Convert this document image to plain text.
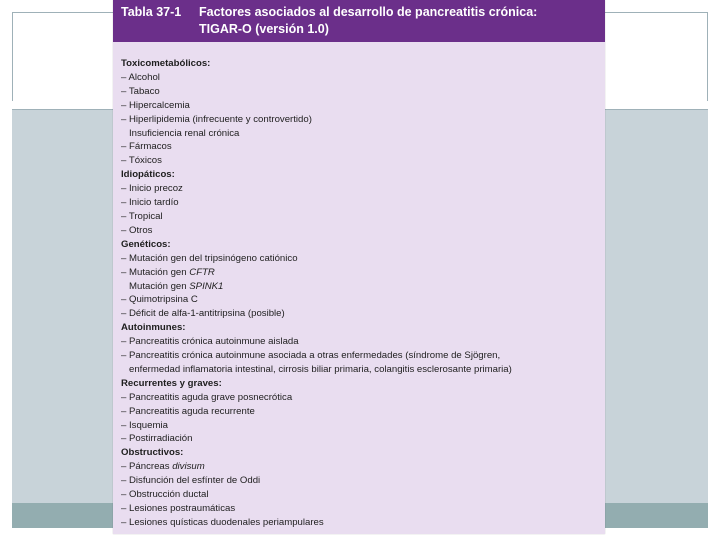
Tabla 37-1 Factores asociados al desarrollo de pancreatitis crónica:
TIGAR-O (versión 1.0)
Toxicometabólicos:
– Alcohol
– Tabaco
– Hipercalcemia
– Hiperlipidemia (infrecuente y controvertido)
Insuficiencia renal crónica
– Fármacos
– Tóxicos
Idiopáticos:
– Inicio precoz
– Inicio tardío
– Tropical
– Otros
Genéticos:
– Mutación gen del tripsinógeno catiónico
– Mutación gen CFTR
Mutación gen SPINK1
– Quimotripsina C
– Déficit de alfa-1-antitripsina (posible)
Autoinmunes:
– Pancreatitis crónica autoinmune aislada
– Pancreatitis crónica autoinmune asociada a otras enfermedades (síndrome de Sjögren,
enfermedad inflamatoria intestinal, cirrosis biliar primaria, colangitis esclerosante primaria)
Recurrentes y graves:
– Pancreatitis aguda grave posnecrótica
– Pancreatitis aguda recurrente
– Isquemia
– Postirradiación
Obstructivos:
– Páncreas divisum
– Disfunción del esfínter de Oddi
– Obstrucción ductal
– Lesiones postraumáticas
– Lesiones quísticas duodenales periampulares
